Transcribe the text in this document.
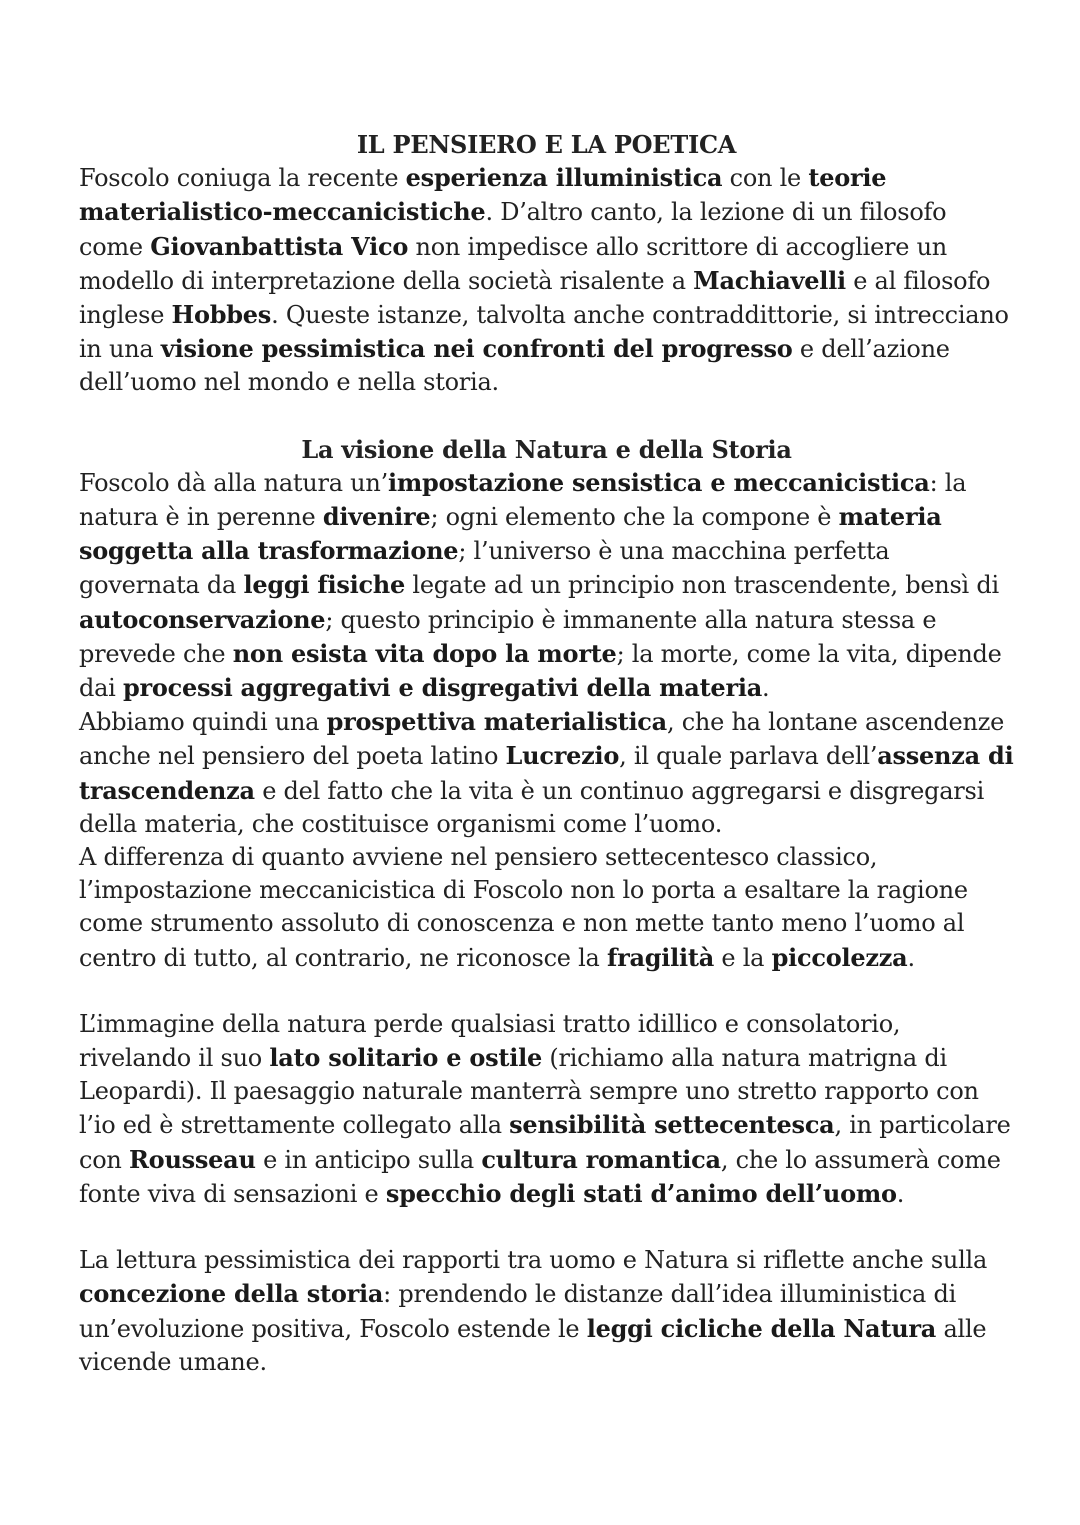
IL PENSIERO E LA POETICA

Foscolo coniuga la recente esperienza illuministica con le teorie materialistico-meccanicistiche. D’altro canto, la lezione di un filosofo come Giovanbattista Vico non impedisce allo scrittore di accogliere un modello di interpretazione della società risalente a Machiavelli e al filosofo inglese Hobbes. Queste istanze, talvolta anche contraddittorie, si intrecciano in una visione pessimistica nei confronti del progresso e dell’azione dell’uomo nel mondo e nella storia.

La visione della Natura e della Storia

Foscolo dà alla natura un’impostazione sensistica e meccanicistica: la natura è in perenne divenire; ogni elemento che la compone è materia soggetta alla trasformazione; l’universo è una macchina perfetta governata da leggi fisiche legate ad un principio non trascendente, bensì di autoconservazione; questo principio è immanente alla natura stessa e prevede che non esista vita dopo la morte; la morte, come la vita, dipende dai processi aggregativi e disgregativi della materia.

Abbiamo quindi una prospettiva materialistica, che ha lontane ascendenze anche nel pensiero del poeta latino Lucrezio, il quale parlava dell’assenza di trascendenza e del fatto che la vita è un continuo aggregarsi e disgregarsi della materia, che costituisce organismi come l’uomo.

A differenza di quanto avviene nel pensiero settecentesco classico, l’impostazione meccanicistica di Foscolo non lo porta a esaltare la ragione come strumento assoluto di conoscenza e non mette tanto meno l’uomo al centro di tutto, al contrario, ne riconosce la fragilità e la piccolezza.

L’immagine della natura perde qualsiasi tratto idillico e consolatorio, rivelando il suo lato solitario e ostile (richiamo alla natura matrigna di Leopardi). Il paesaggio naturale manterrà sempre uno stretto rapporto con l’io ed è strettamente collegato alla sensibilità settecentesca, in particolare con Rousseau e in anticipo sulla cultura romantica, che lo assumerà come fonte viva di sensazioni e specchio degli stati d’animo dell’uomo.

La lettura pessimistica dei rapporti tra uomo e Natura si riflette anche sulla concezione della storia: prendendo le distanze dall’idea illuministica di un’evoluzione positiva, Foscolo estende le leggi cicliche della Natura alle vicende umane.
